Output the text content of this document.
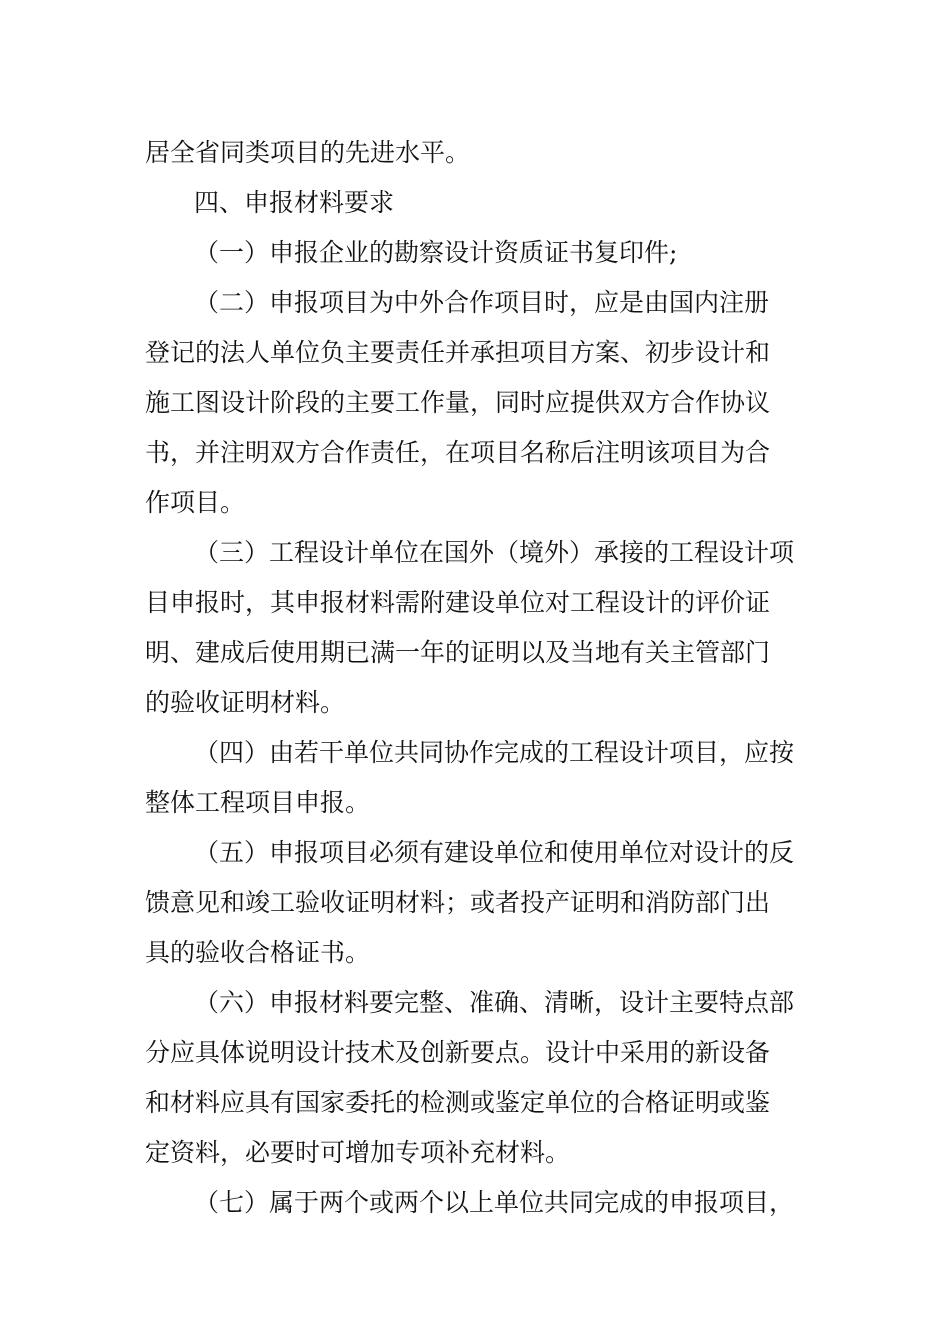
居全省同类项目的先进水平。
四、申报材料要求
（一）申报企业的勘察设计资质证书复印件;
（二）申报项目为中外合作项目时，应是由国内注册
登记的法人单位负主要责任并承担项目方案、初步设计和
施工图设计阶段的主要工作量，同时应提供双方合作协议
书，并注明双方合作责任，在项目名称后注明该项目为合
作项目。
（三）工程设计单位在国外（境外）承接的工程设计项
目申报时，其申报材料需附建设单位对工程设计的评价证
明、建成后使用期已满一年的证明以及当地有关主管部门
的验收证明材料。
（四）由若干单位共同协作完成的工程设计项目，应按
整体工程项目申报。
（五）申报项目必须有建设单位和使用单位对设计的反
馈意见和竣工验收证明材料；或者投产证明和消防部门出
具的验收合格证书。
（六）申报材料要完整、准确、清晰，设计主要特点部
分应具体说明设计技术及创新要点。设计中采用的新设备
和材料应具有国家委托的检测或鉴定单位的合格证明或鉴
定资料，必要时可增加专项补充材料。
（七）属于两个或两个以上单位共同完成的申报项目，
